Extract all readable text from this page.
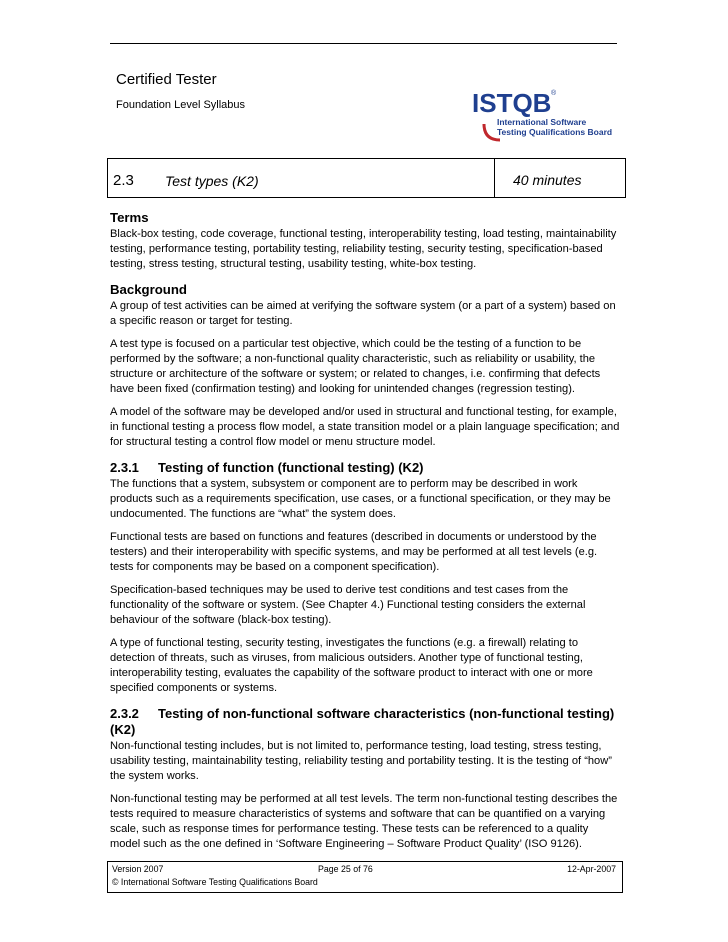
Certified Tester
Foundation Level Syllabus	ISTQB ®
International Software
Testing Qualifications Board
2.3 Test types (K2)	40 minutes
Terms

Black-box testing, code coverage, functional testing, interoperability testing, load testing, maintainability testing, performance testing, portability testing, reliability testing, security testing, specification-based testing, stress testing, structural testing, usability testing, white-box testing.

Background

A group of test activities can be aimed at verifying the software system (or a part of a system) based on a specific reason or target for testing.

A test type is focused on a particular test objective, which could be the testing of a function to be performed by the software; a non-functional quality characteristic, such as reliability or usability, the structure or architecture of the software or system; or related to changes, i.e. confirming that defects have been fixed (confirmation testing) and looking for unintended changes (regression testing).

A model of the software may be developed and/or used in structural and functional testing, for example, in functional testing a process flow model, a state transition model or a plain language specification; and for structural testing a control flow model or menu structure model.

2.3.1 Testing of function (functional testing) (K2)

The functions that a system, subsystem or component are to perform may be described in work products such as a requirements specification, use cases, or a functional specification, or they may be undocumented. The functions are “what” the system does.

Functional tests are based on functions and features (described in documents or understood by the testers) and their interoperability with specific systems, and may be performed at all test levels (e.g. tests for components may be based on a component specification).

Specification-based techniques may be used to derive test conditions and test cases from the functionality of the software or system. (See Chapter 4.) Functional testing considers the external behaviour of the software (black-box testing).

A type of functional testing, security testing, investigates the functions (e.g. a firewall) relating to detection of threats, such as viruses, from malicious outsiders. Another type of functional testing, interoperability testing, evaluates the capability of the software product to interact with one or more specified components or systems.

2.3.2 Testing of non-functional software characteristics (non-functional testing) (K2)

Non-functional testing includes, but is not limited to, performance testing, load testing, stress testing, usability testing, maintainability testing, reliability testing and portability testing. It is the testing of “how” the system works.

Non-functional testing may be performed at all test levels. The term non-functional testing describes the tests required to measure characteristics of systems and software that can be quantified on a varying scale, such as response times for performance testing. These tests can be referenced to a quality model such as the one defined in ‘Software Engineering – Software Product Quality’ (ISO 9126).

Version 2007	Page 25 of 76	12-Apr-2007
© International Software Testing Qualifications Board
